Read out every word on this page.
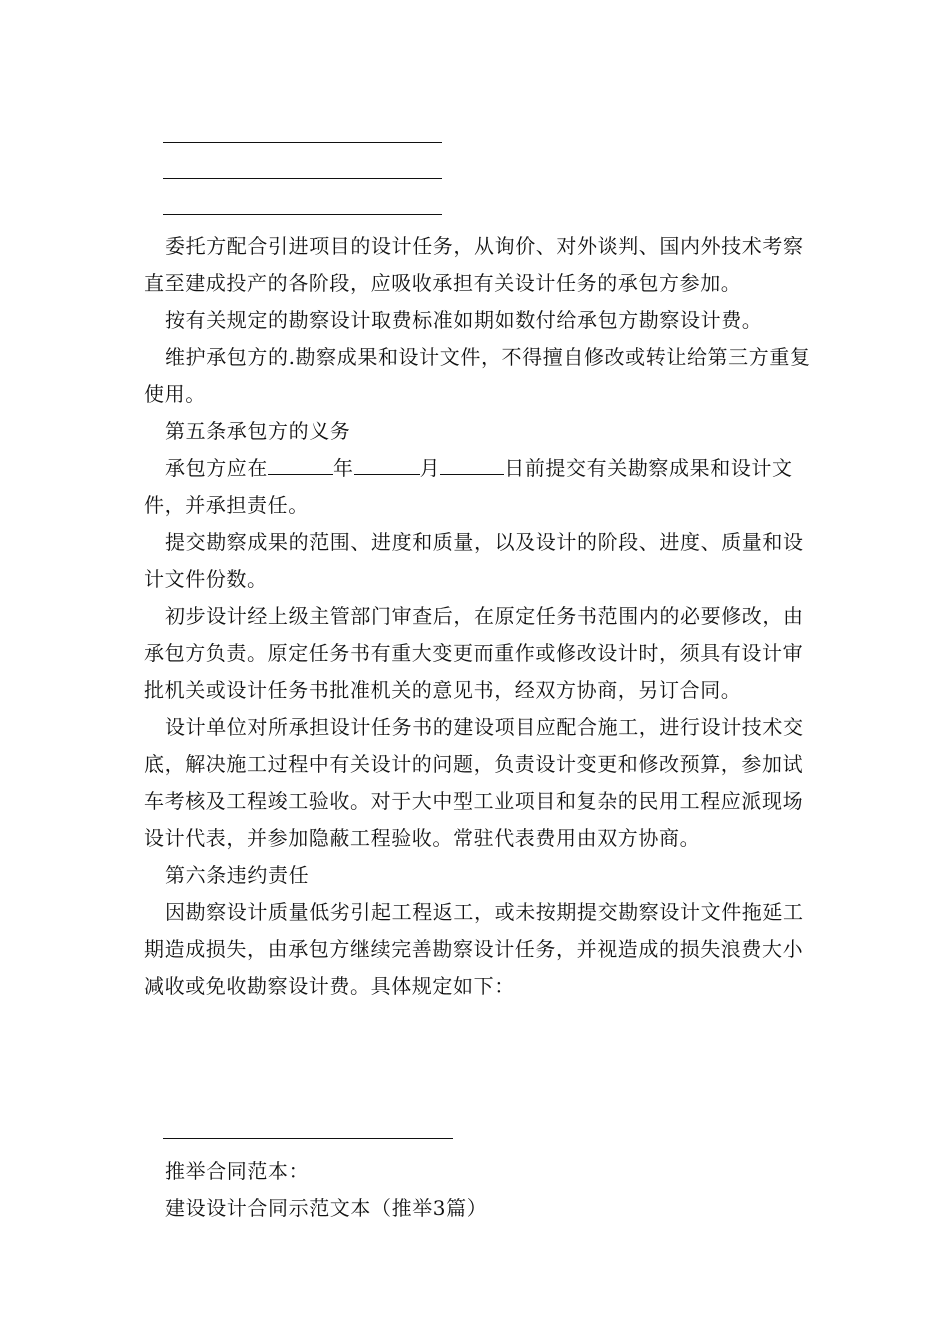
委托方配合引进项目的设计任务，从询价、对外谈判、国内外技术考察直至建成投产的各阶段，应吸收承担有关设计任务的承包方参加。

按有关规定的勘察设计取费标准如期如数付给承包方勘察设计费。

维护承包方的.勘察成果和设计文件，不得擅自修改或转让给第三方重复使用。

第五条承包方的义务

承包方应在	年	月	日前提交有关勘察成果和设计文件，并承担责任。

提交勘察成果的范围、进度和质量，以及设计的阶段、进度、质量和设计文件份数。

初步设计经上级主管部门审查后，在原定任务书范围内的必要修改，由承包方负责。原定任务书有重大变更而重作或修改设计时，须具有设计审批机关或设计任务书批准机关的意见书，经双方协商，另订合同。

设计单位对所承担设计任务书的建设项目应配合施工，进行设计技术交底，解决施工过程中有关设计的问题，负责设计变更和修改预算，参加试车考核及工程竣工验收。对于大中型工业项目和复杂的民用工程应派现场设计代表，并参加隐蔽工程验收。常驻代表费用由双方协商。

第六条违约责任

因勘察设计质量低劣引起工程返工，或未按期提交勘察设计文件拖延工期造成损失，由承包方继续完善勘察设计任务，并视造成的损失浪费大小减收或免收勘察设计费。具体规定如下：

推举合同范本：

建设设计合同示范文本（推举3篇）
